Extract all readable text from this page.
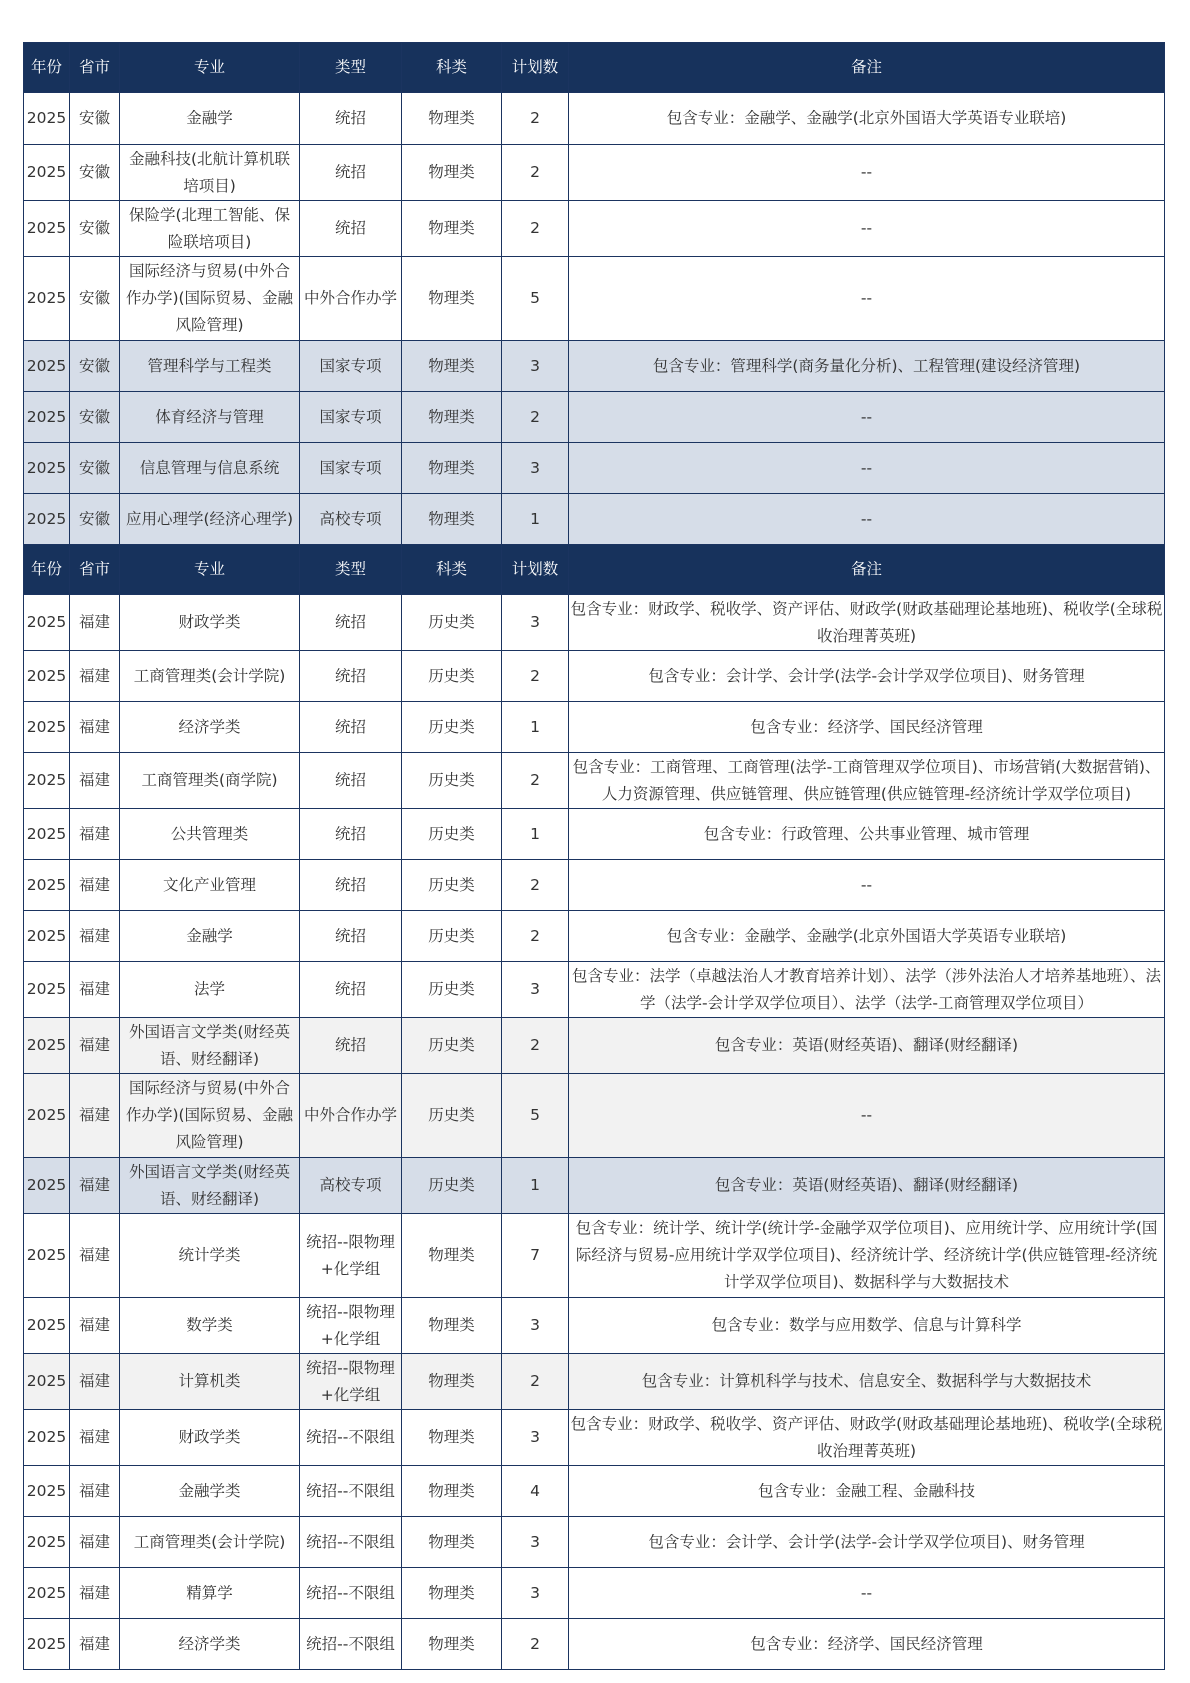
年份	省市	专业	类型	科类	计划数	备注
2025	安徽	金融学	统招	物理类	2	包含专业：金融学、金融学(北京外国语大学英语专业联培)
2025	安徽	金融科技(北航计算机联培项目)	统招	物理类	2	--
2025	安徽	保险学(北理工智能、保险联培项目)	统招	物理类	2	--
2025	安徽	国际经济与贸易(中外合作办学)(国际贸易、金融风险管理)	中外合作办学	物理类	5	--
2025	安徽	管理科学与工程类	国家专项	物理类	3	包含专业：管理科学(商务量化分析)、工程管理(建设经济管理)
2025	安徽	体育经济与管理	国家专项	物理类	2	--
2025	安徽	信息管理与信息系统	国家专项	物理类	3	--
2025	安徽	应用心理学(经济心理学)	高校专项	物理类	1	--
年份	省市	专业	类型	科类	计划数	备注
2025	福建	财政学类	统招	历史类	3	包含专业：财政学、税收学、资产评估、财政学(财政基础理论基地班)、税收学(全球税收治理菁英班)
2025	福建	工商管理类(会计学院)	统招	历史类	2	包含专业：会计学、会计学(法学-会计学双学位项目)、财务管理
2025	福建	经济学类	统招	历史类	1	包含专业：经济学、国民经济管理
2025	福建	工商管理类(商学院)	统招	历史类	2	包含专业：工商管理、工商管理(法学-工商管理双学位项目)、市场营销(大数据营销)、人力资源管理、供应链管理、供应链管理(供应链管理-经济统计学双学位项目)
2025	福建	公共管理类	统招	历史类	1	包含专业：行政管理、公共事业管理、城市管理
2025	福建	文化产业管理	统招	历史类	2	--
2025	福建	金融学	统招	历史类	2	包含专业：金融学、金融学(北京外国语大学英语专业联培)
2025	福建	法学	统招	历史类	3	包含专业：法学（卓越法治人才教育培养计划）、法学（涉外法治人才培养基地班）、法学（法学-会计学双学位项目）、法学（法学-工商管理双学位项目）
2025	福建	外国语言文学类(财经英语、财经翻译)	统招	历史类	2	包含专业：英语(财经英语)、翻译(财经翻译)
2025	福建	国际经济与贸易(中外合作办学)(国际贸易、金融风险管理)	中外合作办学	历史类	5	--
2025	福建	外国语言文学类(财经英语、财经翻译)	高校专项	历史类	1	包含专业：英语(财经英语)、翻译(财经翻译)
2025	福建	统计学类	统招--限物理+化学组	物理类	7	包含专业：统计学、统计学(统计学-金融学双学位项目)、应用统计学、应用统计学(国际经济与贸易-应用统计学双学位项目)、经济统计学、经济统计学(供应链管理-经济统计学双学位项目)、数据科学与大数据技术
2025	福建	数学类	统招--限物理+化学组	物理类	3	包含专业：数学与应用数学、信息与计算科学
2025	福建	计算机类	统招--限物理+化学组	物理类	2	包含专业：计算机科学与技术、信息安全、数据科学与大数据技术
2025	福建	财政学类	统招--不限组	物理类	3	包含专业：财政学、税收学、资产评估、财政学(财政基础理论基地班)、税收学(全球税收治理菁英班)
2025	福建	金融学类	统招--不限组	物理类	4	包含专业：金融工程、金融科技
2025	福建	工商管理类(会计学院)	统招--不限组	物理类	3	包含专业：会计学、会计学(法学-会计学双学位项目)、财务管理
2025	福建	精算学	统招--不限组	物理类	3	--
2025	福建	经济学类	统招--不限组	物理类	2	包含专业：经济学、国民经济管理
